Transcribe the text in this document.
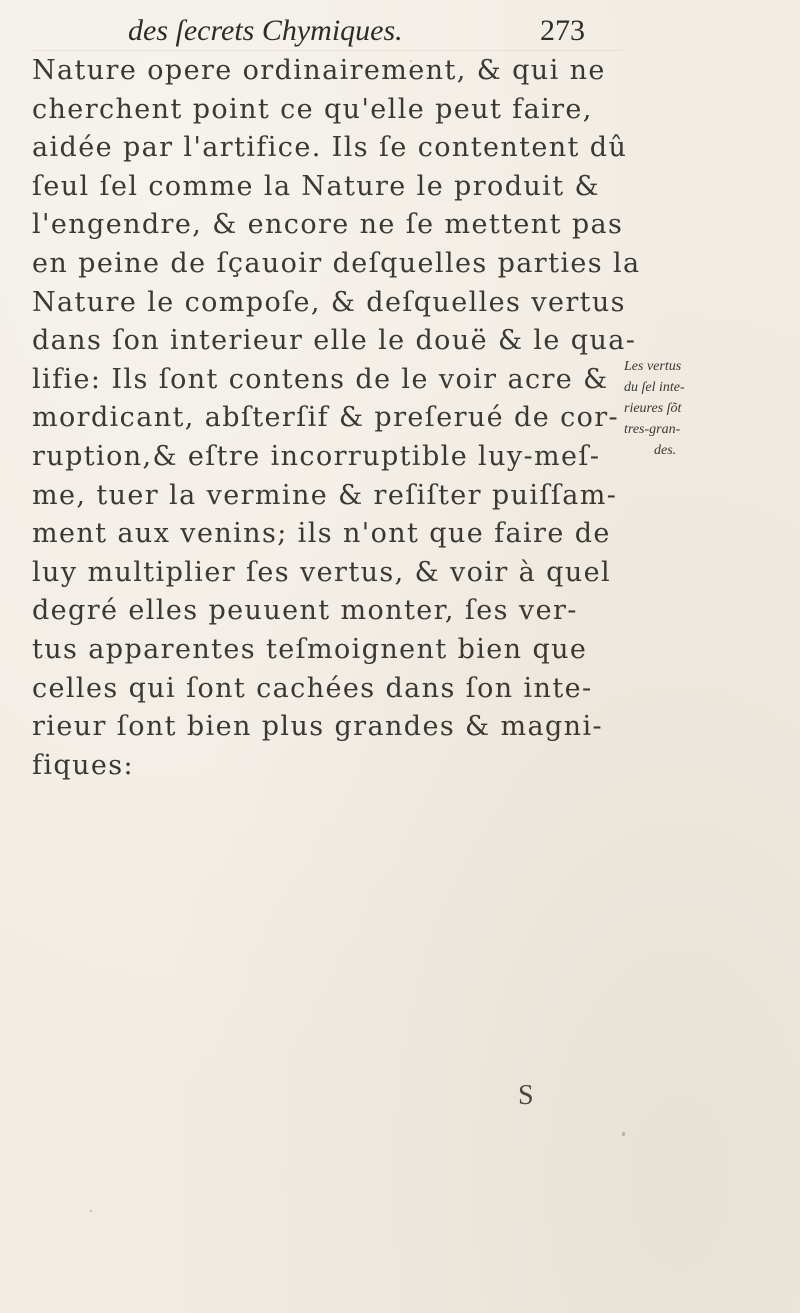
des ſecrets Chymiques.	273
Nature opere ordinairement, & qui ne
cherchent point ce qu'elle peut faire,
aidée par l'artifice. Ils ſe contentent dû
ſeul ſel comme la Nature le produit &
l'engendre, & encore ne ſe mettent pas
en peine de ſçauoir deſquelles parties la
Nature le compoſe, & deſquelles vertus
dans ſon interieur elle le douë & le qua-
lifie: Ils ſont contens de le voir acre &
mordicant, abſterſif & preſerué de cor-
ruption,& eſtre incorruptible luy-meſ-
me, tuer la vermine & reſiſter puiſſam-
ment aux venins; ils n'ont que faire de
luy multiplier ſes vertus, & voir à quel
degré elles peuuent monter, ſes ver-
tus apparentes teſmoignent bien que
celles qui ſont cachées dans ſon inte-
rieur ſont bien plus grandes & magni-
fiques:
Les vertus
du ſel inte-
rieures ſõt
tres-gran-
des.
S
